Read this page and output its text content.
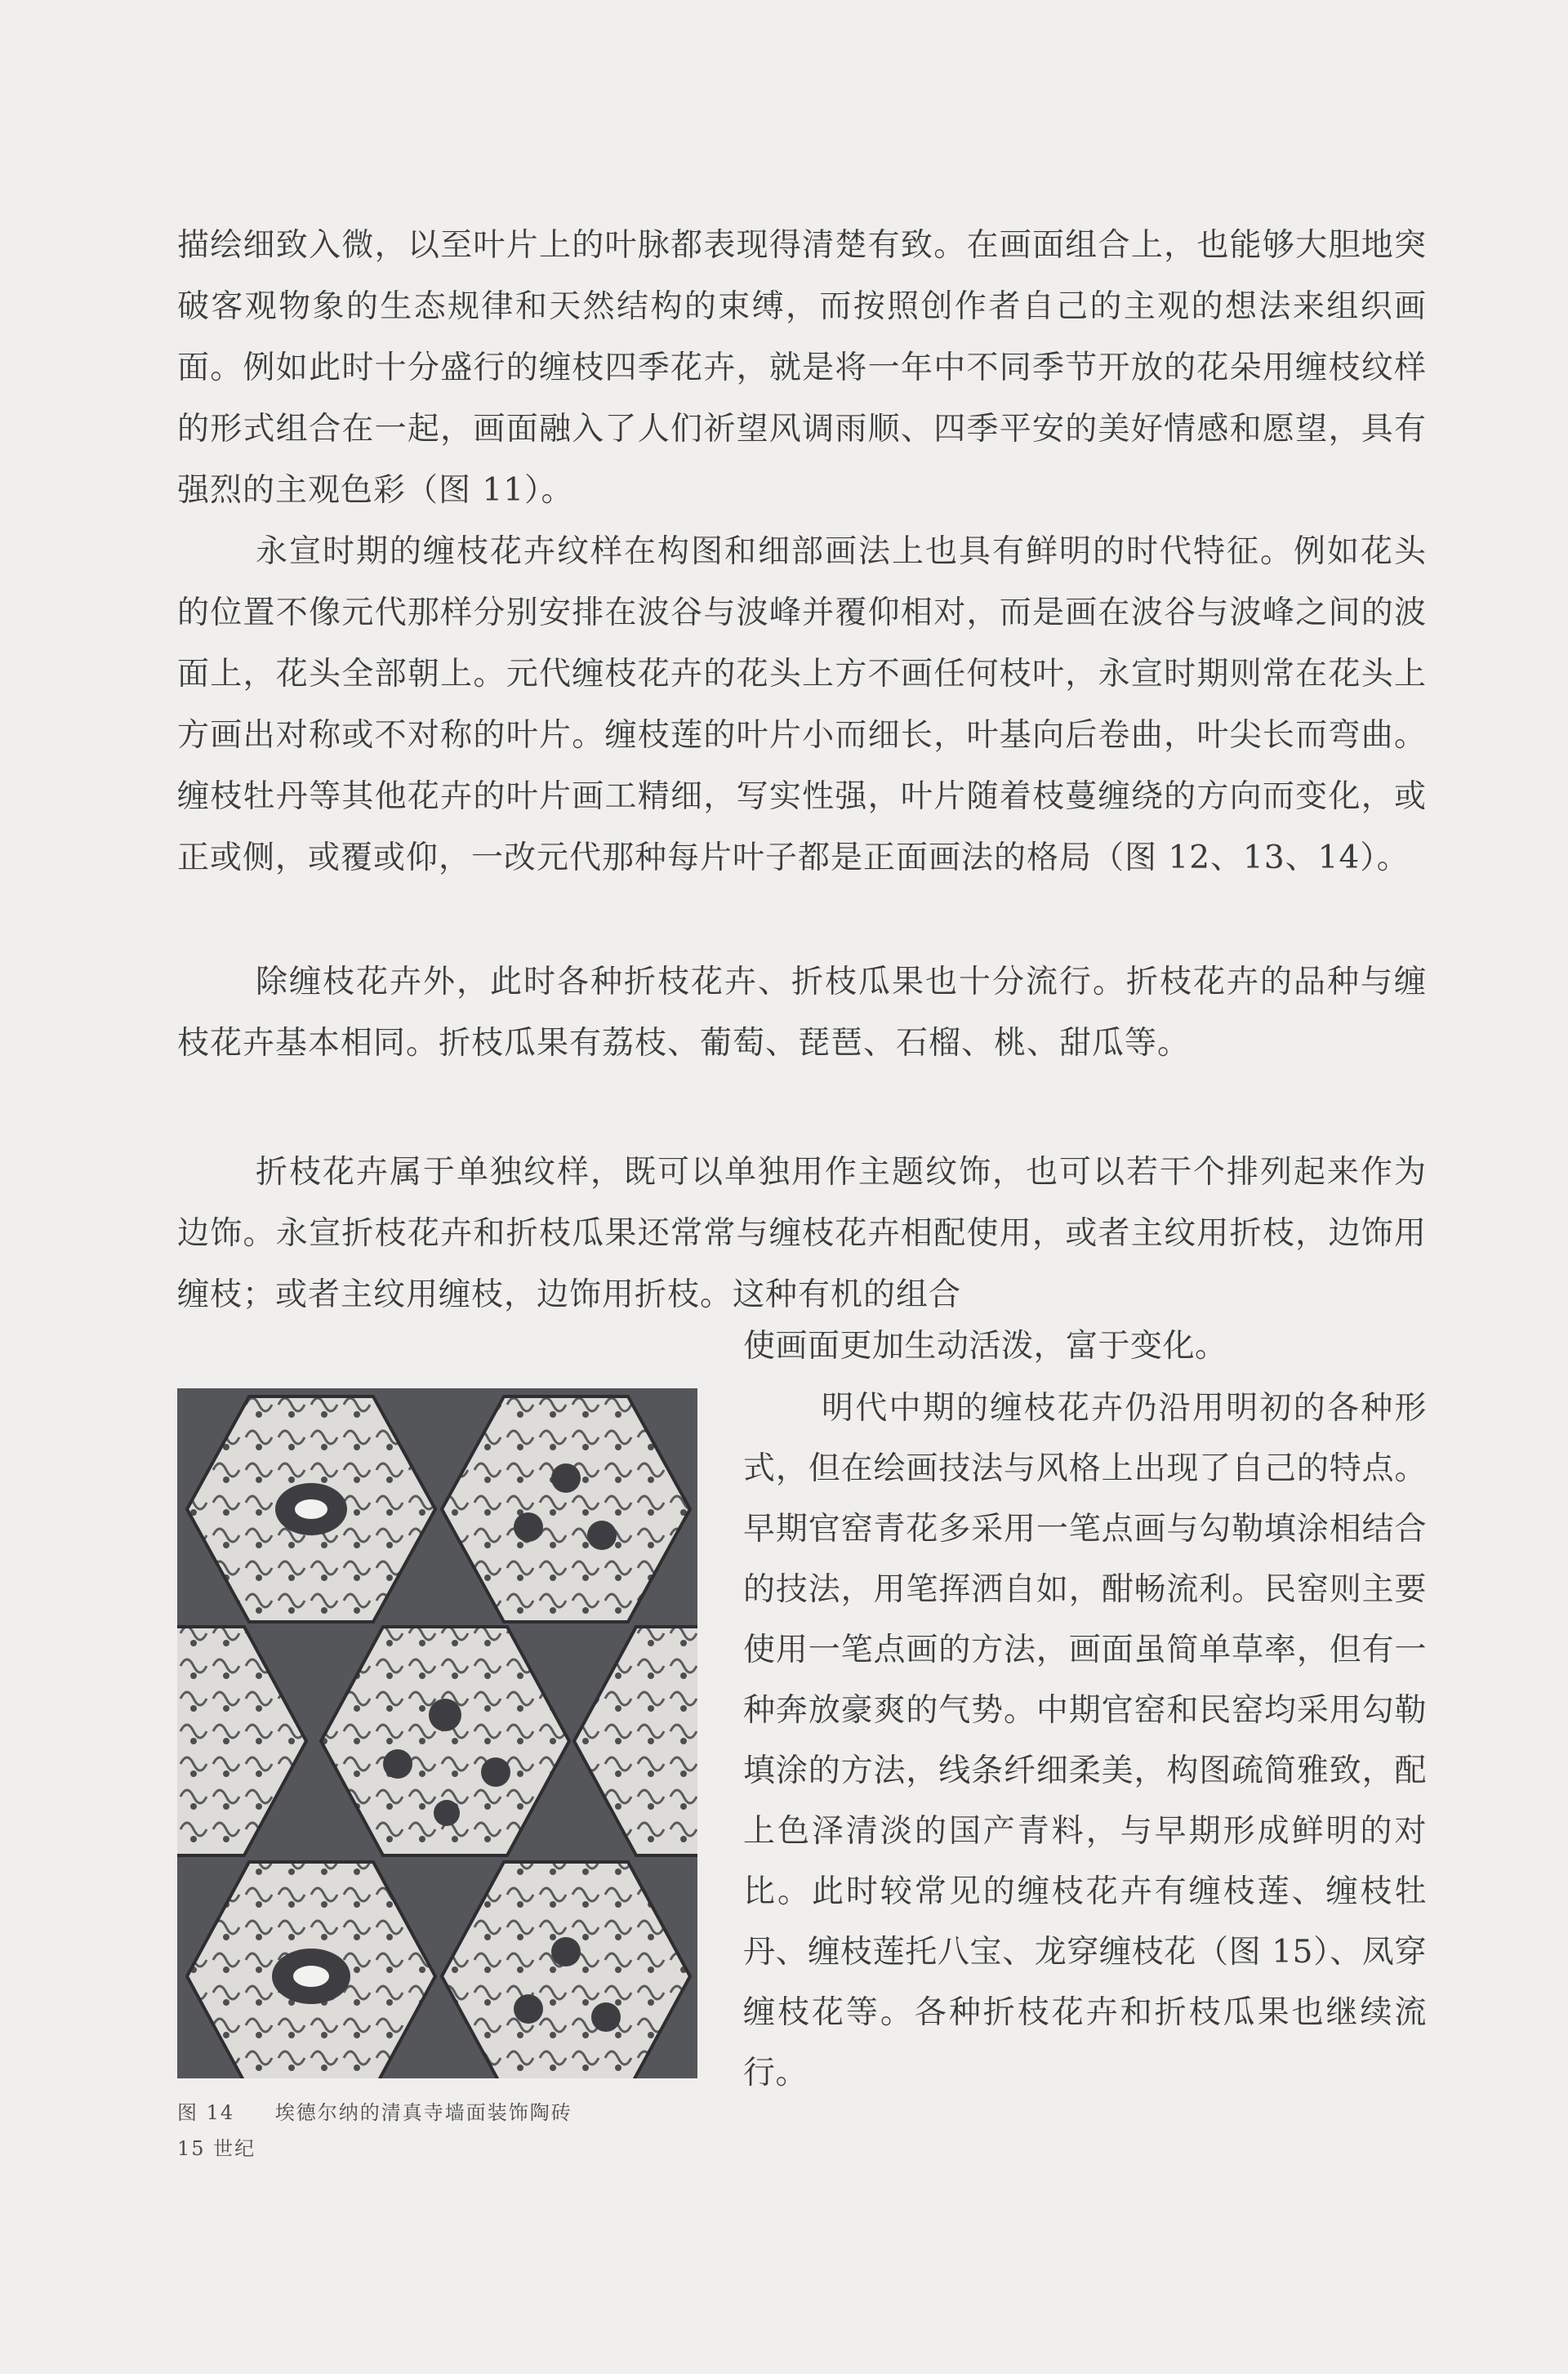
描绘细致入微，以至叶片上的叶脉都表现得清楚有致。在画面组合上，也能够大胆地突破客观物象的生态规律和天然结构的束缚，而按照创作者自己的主观的想法来组织画面。例如此时十分盛行的缠枝四季花卉，就是将一年中不同季节开放的花朵用缠枝纹样的形式组合在一起，画面融入了人们祈望风调雨顺、四季平安的美好情感和愿望，具有强烈的主观色彩（图 11）。

永宣时期的缠枝花卉纹样在构图和细部画法上也具有鲜明的时代特征。例如花头的位置不像元代那样分别安排在波谷与波峰并覆仰相对，而是画在波谷与波峰之间的波面上，花头全部朝上。元代缠枝花卉的花头上方不画任何枝叶，永宣时期则常在花头上方画出对称或不对称的叶片。缠枝莲的叶片小而细长，叶基向后卷曲，叶尖长而弯曲。缠枝牡丹等其他花卉的叶片画工精细，写实性强，叶片随着枝蔓缠绕的方向而变化，或正或侧，或覆或仰，一改元代那种每片叶子都是正面画法的格局（图 12、13、14）。

除缠枝花卉外，此时各种折枝花卉、折枝瓜果也十分流行。折枝花卉的品种与缠枝花卉基本相同。折枝瓜果有荔枝、葡萄、琵琶、石榴、桃、甜瓜等。

折枝花卉属于单独纹样，既可以单独用作主题纹饰，也可以若干个排列起来作为边饰。永宣折枝花卉和折枝瓜果还常常与缠枝花卉相配使用，或者主纹用折枝，边饰用缠枝；或者主纹用缠枝，边饰用折枝。这种有机的组合

使画面更加生动活泼，富于变化。

明代中期的缠枝花卉仍沿用明初的各种形式，但在绘画技法与风格上出现了自己的特点。早期官窑青花多采用一笔点画与勾勒填涂相结合的技法，用笔挥洒自如，酣畅流利。民窑则主要使用一笔点画的方法，画面虽简单草率，但有一种奔放豪爽的气势。中期官窑和民窑均采用勾勒填涂的方法，线条纤细柔美，构图疏简雅致，配上色泽清淡的国产青料，与早期形成鲜明的对比。此时较常见的缠枝花卉有缠枝莲、缠枝牡丹、缠枝莲托八宝、龙穿缠枝花（图 15）、凤穿缠枝花等。各种折枝花卉和折枝瓜果也继续流行。

图 14 埃德尔纳的清真寺墙面装饰陶砖
15 世纪
